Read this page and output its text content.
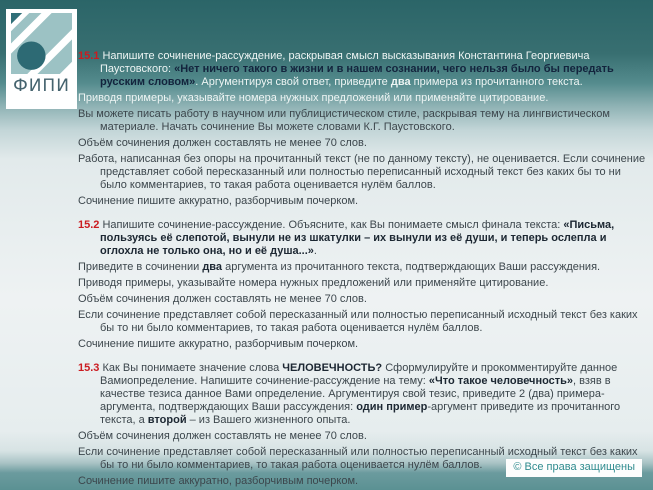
ФИПИ

15.1 Напишите сочинение-рассуждение, раскрывая смысл высказывания Константина Георгиевича Паустовского: «Нет ничего такого в жизни и в нашем сознании, чего нельзя было бы передать русским словом». Аргументируя свой ответ, приведите два примера из прочитанного текста.

Приводя примеры, указывайте номера нужных предложений или применяйте цитирование.

Вы можете писать работу в научном или публицистическом стиле, раскрывая тему на лингвистическом материале. Начать сочинение Вы можете словами К.Г. Паустовского.

Объём сочинения должен составлять не менее 70 слов.

Работа, написанная без опоры на прочитанный текст (не по данному тексту), не оценивается. Если сочинение представляет собой пересказанный или полностью переписанный исходный текст без каких бы то ни было комментариев, то такая работа оценивается нулём баллов.

Сочинение пишите аккуратно, разборчивым почерком.

15.2 Напишите сочинение-рассуждение. Объясните, как Вы понимаете смысл финала текста: «Письма, пользуясь её слепотой, вынули не из шкатулки – их вынули из её души, и теперь ослепла и оглохла не только она, но и её душа...».

Приведите в сочинении два аргумента из прочитанного текста, подтверждающих Ваши рассуждения.

Приводя примеры, указывайте номера нужных предложений или применяйте цитирование.

Объём сочинения должен составлять не менее 70 слов.

Если сочинение представляет собой пересказанный или полностью переписанный исходный текст без каких бы то ни было комментариев, то такая работа оценивается нулём баллов.

Сочинение пишите аккуратно, разборчивым почерком.

15.3 Как Вы понимаете значение слова ЧЕЛОВЕЧНОСТЬ? Сформулируйте и прокомментируйте данное Вамиопределение. Напишите сочинение-рассуждение на тему: «Что такое человечность», взяв в качестве тезиса данное Вами определение. Аргументируя свой тезис, приведите 2 (два) примера-аргумента, подтверждающих Ваши рассуждения: один пример-аргумент приведите из прочитанного текста, а второй – из Вашего жизненного опыта.

Объём сочинения должен составлять не менее 70 слов.

Если сочинение представляет собой пересказанный или полностью переписанный исходный текст без каких бы то ни было комментариев, то такая работа оценивается нулём баллов.

Сочинение пишите аккуратно, разборчивым почерком.

© Все права защищены
